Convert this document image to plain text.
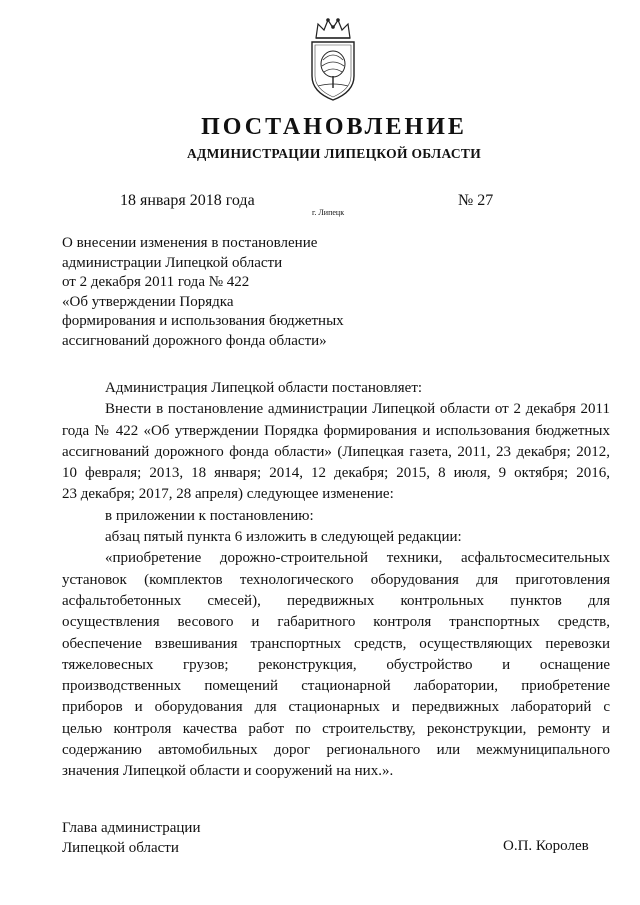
ПОСТАНОВЛЕНИЕ
АДМИНИСТРАЦИИ ЛИПЕЦКОЙ ОБЛАСТИ
18 января 2018 года
г. Липецк
№ 27
О внесении изменения в постановление
администрации Липецкой области
от 2 декабря 2011 года № 422
«Об утверждении Порядка
формирования и использования бюджетных
ассигнований дорожного фонда области»
Администрация Липецкой области постановляет:
Внести в постановление администрации Липецкой области от 2 декабря 2011
года № 422 «Об утверждении Порядка формирования и использования бюджетных
ассигнований дорожного фонда области» (Липецкая газета, 2011, 23 декабря; 2012,
10 февраля; 2013, 18 января; 2014, 12 декабря; 2015, 8 июля, 9 октября; 2016,
23 декабря; 2017, 28 апреля) следующее изменение:
в приложении к постановлению:
абзац пятый пункта 6 изложить в следующей редакции:
«приобретение дорожно-строительной техники, асфальтосмесительных
установок (комплектов технологического оборудования для приготовления
асфальтобетонных смесей), передвижных контрольных пунктов для
осуществления весового и габаритного контроля транспортных средств,
обеспечение взвешивания транспортных средств, осуществляющих перевозки
тяжеловесных грузов; реконструкция, обустройство и оснащение
производственных помещений стационарной лаборатории, приобретение
приборов и оборудования для стационарных и передвижных лабораторий с
целью контроля качества работ по строительству, реконструкции, ремонту и
содержанию автомобильных дорог регионального или межмуниципального
значения Липецкой области и сооружений на них.».
Глава администрации
Липецкой области	О.П. Королев
